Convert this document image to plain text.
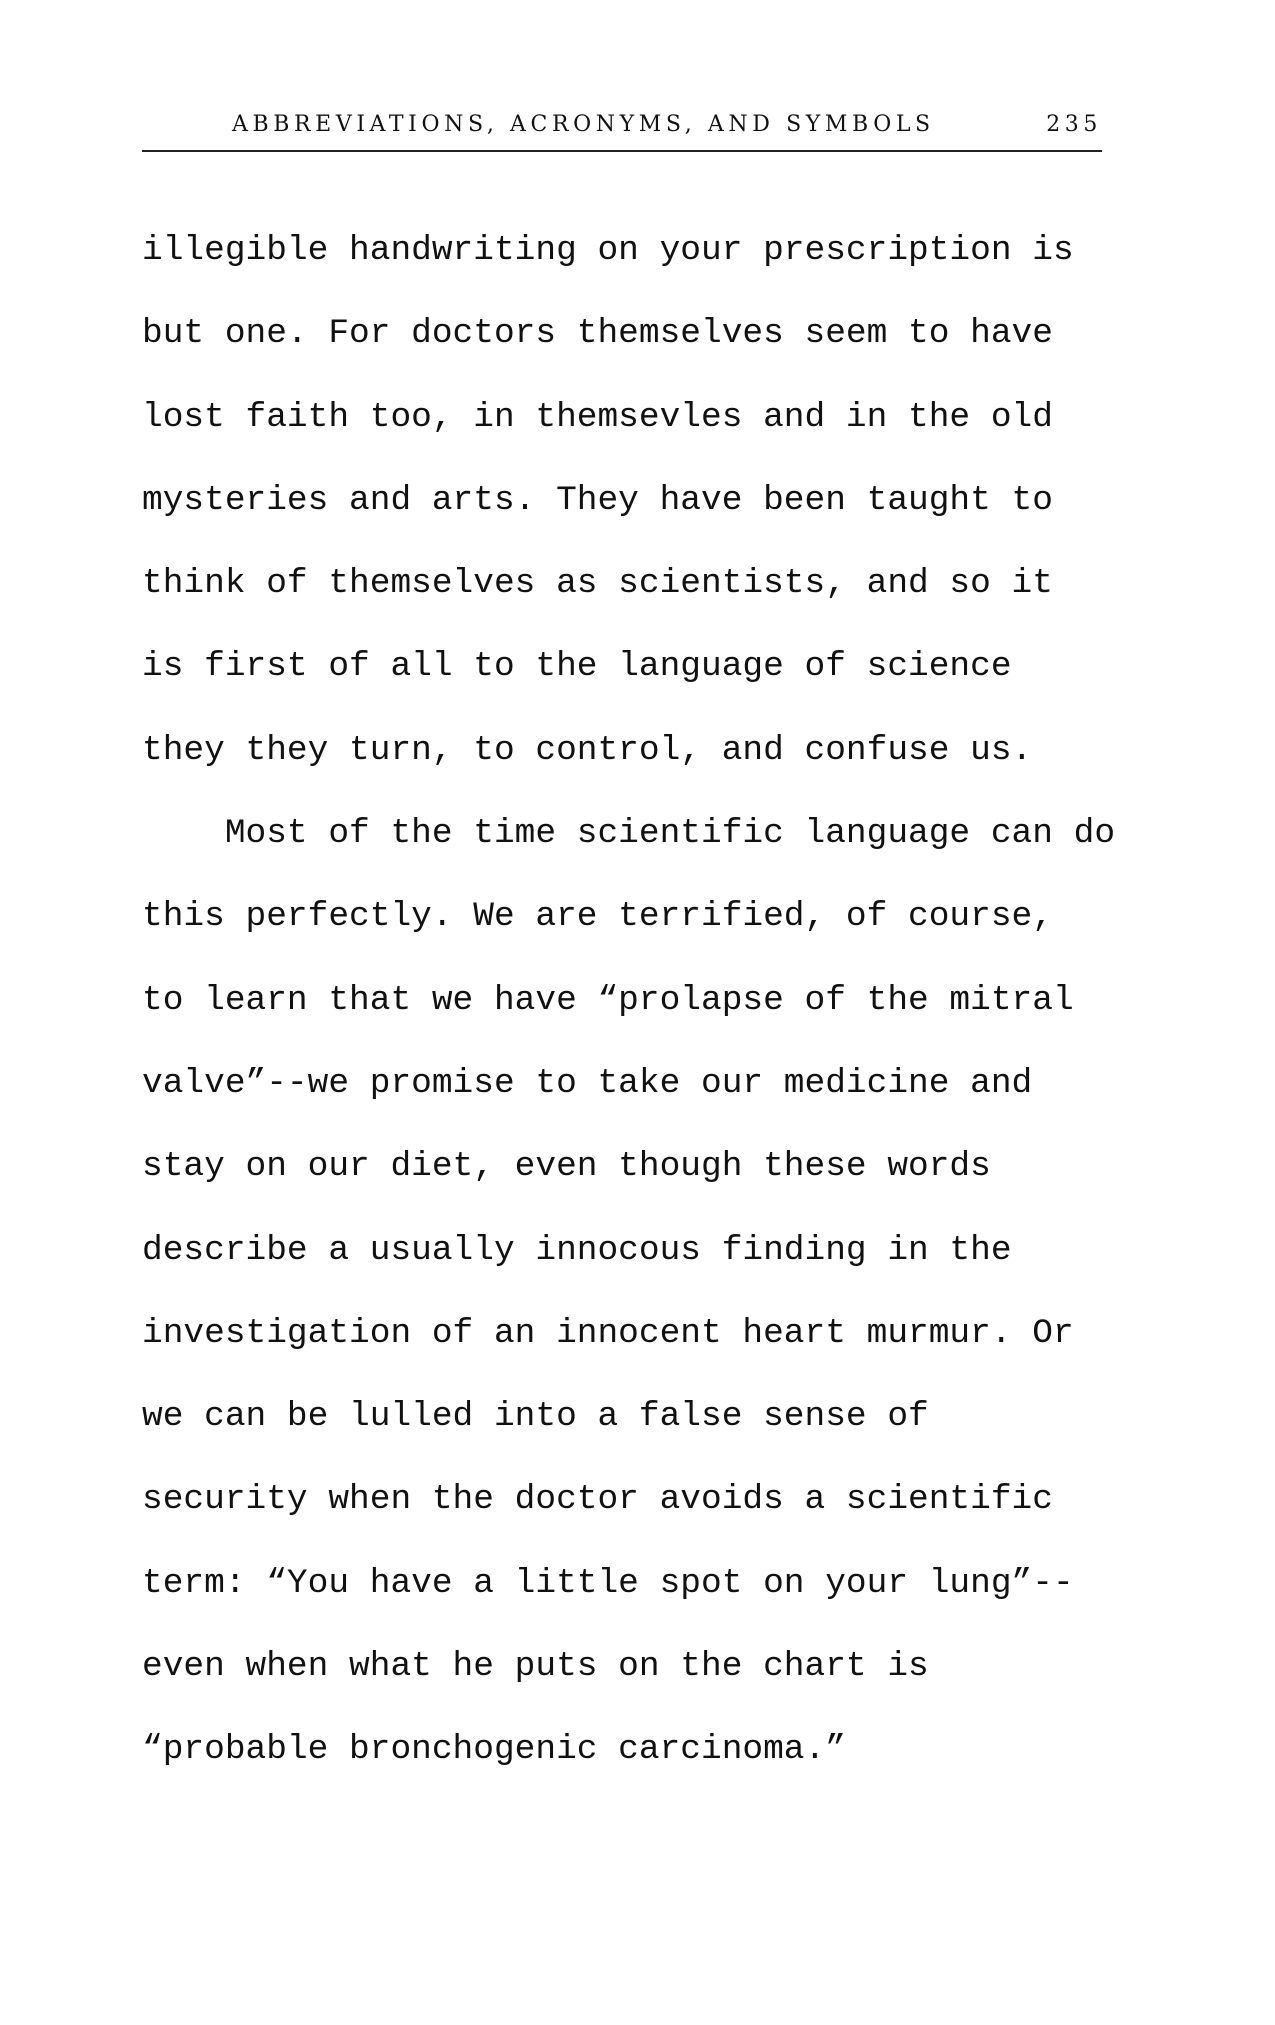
ABBREVIATIONS, ACRONYMS, AND SYMBOLS	235
illegible handwriting on your prescription is
but one. For doctors themselves seem to have
lost faith too, in themsevles and in the old
mysteries and arts. They have been taught to
think of themselves as scientists, and so it
is first of all to the language of science
they they turn, to control, and confuse us.
Most of the time scientific language can do
this perfectly. We are terrified, of course,
to learn that we have “prolapse of the mitral
valve”--we promise to take our medicine and
stay on our diet, even though these words
describe a usually innocous finding in the
investigation of an innocent heart murmur. Or
we can be lulled into a false sense of
security when the doctor avoids a scientific
term: “You have a little spot on your lung”--
even when what he puts on the chart is
“probable bronchogenic carcinoma.”
